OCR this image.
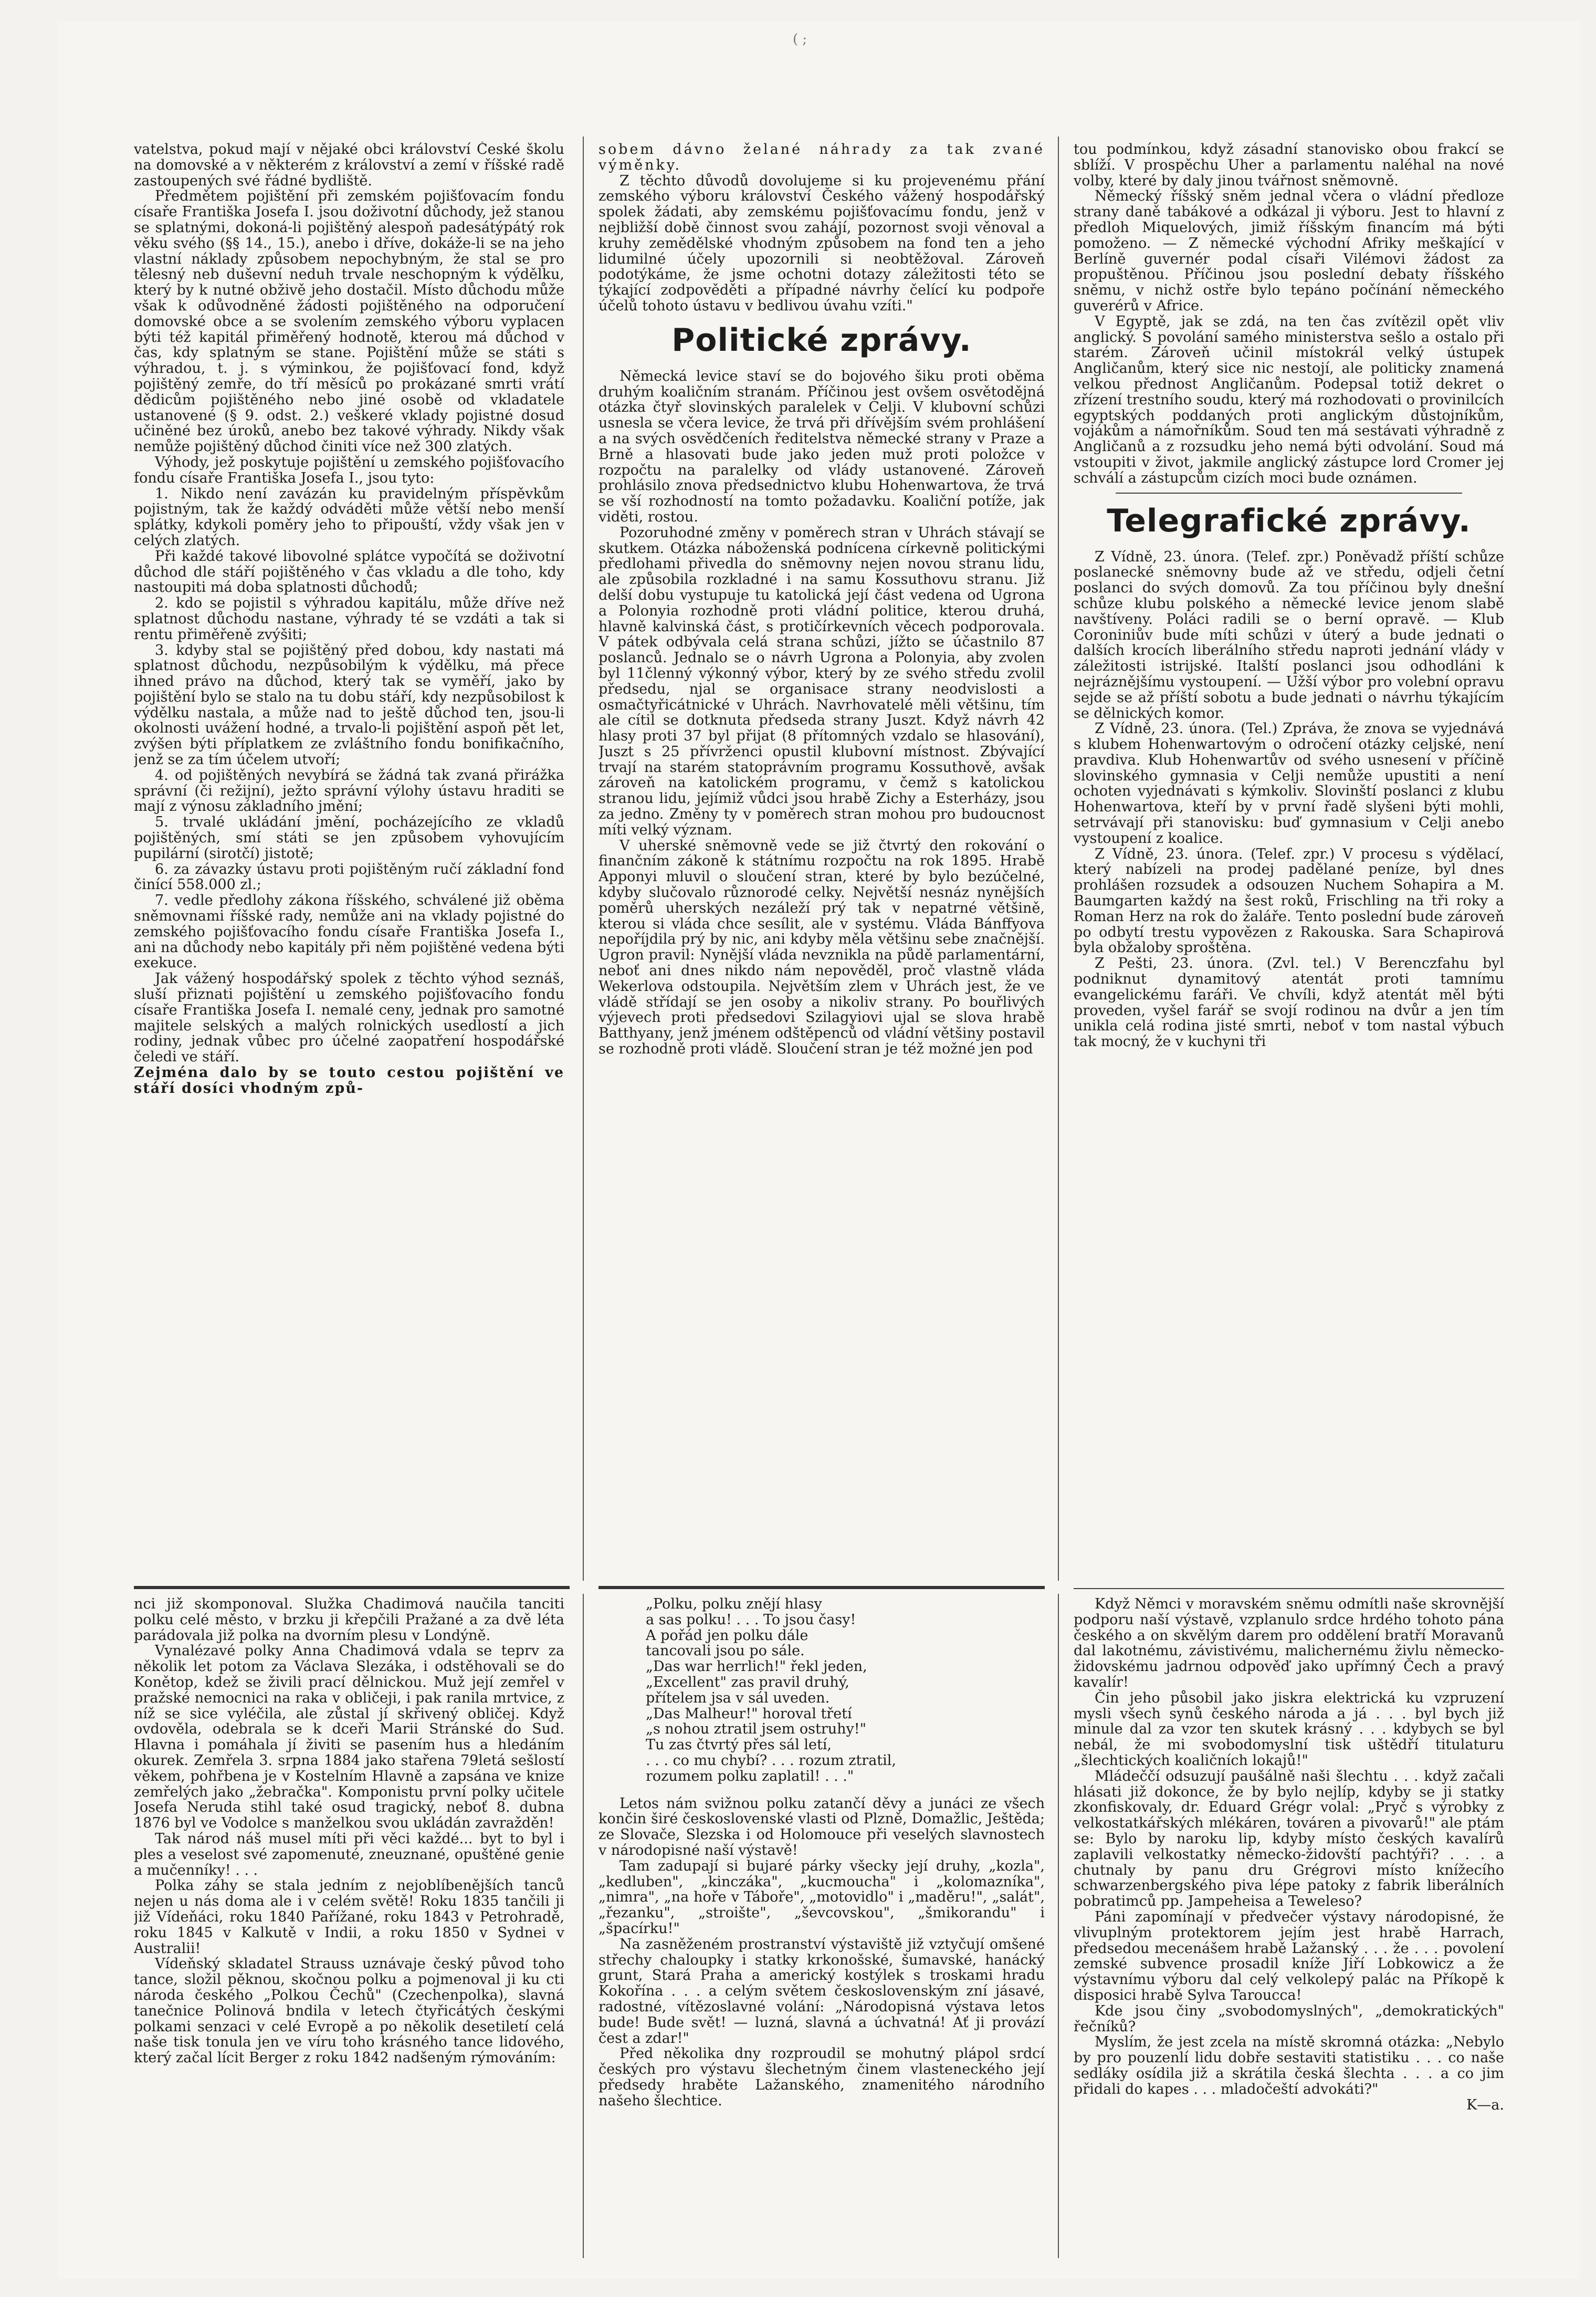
( ;

vatelstva, pokud mají v nějaké obci království České školu na domovské a v některém z království a zemí v říšské radě zastoupených své řádné bydliště.

Předmětem pojištění při zemském pojišťovacím fondu císaře Františka Josefa I. jsou doživotní důchody, jež stanou se splatnými, dokoná-li pojištěný alespoň padesátýpátý rok věku svého (§§ 14., 15.), anebo i dříve, dokáže-li se na jeho vlastní náklady způsobem nepochybným, že stal se pro tělesný neb duševní neduh trvale neschopným k výdělku, který by k nutné obživě jeho dostačil. Místo důchodu může však k odůvodněné žádosti pojištěného na odporučení domovské obce a se svolením zemského výboru vyplacen býti též kapitál přiměřený hodnotě, kterou má důchod v čas, kdy splatným se stane. Pojištění může se státi s výhradou, t. j. s výminkou, že pojišťovací fond, když pojištěný zemře, do tří měsíců po prokázané smrti vrátí dědicům pojištěného nebo jiné osobě od vkladatele ustanovené (§ 9. odst. 2.) veškeré vklady pojistné dosud učiněné bez úroků, anebo bez takové výhrady. Nikdy však nemůže pojištěný důchod činiti více než 300 zlatých.

Výhody, jež poskytuje pojištění u zemského pojišťovacího fondu císaře Františka Josefa I., jsou tyto:

1. Nikdo není zavázán ku pravidelným příspěvkům pojistným, tak že každý odváděti může větší nebo menší splátky, kdykoli poměry jeho to připouští, vždy však jen v celých zlatých.

Při každé takové libovolné splátce vypočítá se doživotní důchod dle stáří pojištěného v čas vkladu a dle toho, kdy nastoupiti má doba splatnosti důchodů;

2. kdo se pojistil s výhradou kapitálu, může dříve než splatnost důchodu nastane, výhrady té se vzdáti a tak si rentu přiměřeně zvýšiti;

3. kdyby stal se pojištěný před dobou, kdy nastati má splatnost důchodu, nezpůsobilým k výdělku, má přece ihned právo na důchod, který tak se vyměří, jako by pojištění bylo se stalo na tu dobu stáří, kdy nezpůsobilost k výdělku nastala, a může nad to ještě důchod ten, jsou-li okolnosti uvážení hodné, a trvalo-li pojištění aspoň pět let, zvýšen býti příplatkem ze zvláštního fondu bonifikačního, jenž se za tím účelem utvoří;

4. od pojištěných nevybírá se žádná tak zvaná přirážka správní (či režijní), ježto správní výlohy ústavu hraditi se mají z výnosu základního jmění;

5. trvalé ukládání jmění, pocházejícího ze vkladů pojištěných, smí státi se jen způsobem vyhovujícím pupilární (sirotčí) jistotě;

6. za závazky ústavu proti pojištěným ručí základní fond činící 558.000 zl.;

7. vedle předlohy zákona říšského, schválené již oběma sněmovnami říšské rady, nemůže ani na vklady pojistné do zemského pojišťovacího fondu císaře Františka Josefa I., ani na důchody nebo kapitály při něm pojištěné vedena býti exekuce.

Jak vážený hospodářský spolek z těchto výhod seznáš, sluší přiznati pojištění u zemského pojišťovacího fondu císaře Františka Josefa I. nemalé ceny, jednak pro samotné majitele selských a malých rolnických usedlostí a jich rodiny, jednak vůbec pro účelné zaopatření hospodářské čeledi ve stáří.

Zejména dalo by se touto cestou pojištění ve stáří dosíci vhodným způ-

sobem dávno želané náhrady za tak zvané výměnky.

Z těchto důvodů dovolujeme si ku projevenému přání zemského výboru království Českého vážený hospodářský spolek žádati, aby zemskému pojišťovacímu fondu, jenž v nejbližší době činnost svou zahájí, pozornost svoji věnoval a kruhy zemědělské vhodným způsobem na fond ten a jeho lidumilné účely upozornili si neobtěžoval. Zároveň podotýkáme, že jsme ochotni dotazy záležitosti této se týkající zodpověděti a případné návrhy čelící ku podpoře účelů tohoto ústavu v bedlivou úvahu vzíti."

Politické zprávy.

Německá levice staví se do bojového šiku proti oběma druhým koaličním stranám. Příčinou jest ovšem osvětodějná otázka čtyř slovinských paralelek v Celji. V klubovní schůzi usnesla se včera levice, že trvá při dřívějším svém prohlášení a na svých osvědčeních ředitelstva německé strany v Praze a Brně a hlasovati bude jako jeden muž proti položce v rozpočtu na paralelky od vlády ustanovené. Zároveň prohlásilo znova předsednictvo klubu Hohenwartova, že trvá se vší rozhodností na tomto požadavku. Koaliční potíže, jak viděti, rostou.

Pozoruhodné změny v poměrech stran v Uhrách stávají se skutkem. Otázka náboženská podnícena církevně politickými předlohami přivedla do sněmovny nejen novou stranu lidu, ale způsobila rozkladné i na samu Kossuthovu stranu. Již delší dobu vystupuje tu katolická její část vedena od Ugrona a Polonyia rozhodně proti vládní politice, kterou druhá, hlavně kalvinská část, s protičírkevních věcech podporovala. V pátek odbývala celá strana schůzi, jížto se účastnilo 87 poslanců. Jednalo se o návrh Ugrona a Polonyia, aby zvolen byl 11členný výkonný výbor, který by ze svého středu zvolil předsedu, njal se organisace strany neodvislosti a osmačtyřicátnické v Uhrách. Navrhovatelé měli většinu, tím ale cítil se dotknuta předseda strany Juszt. Když návrh 42 hlasy proti 37 byl přijat (8 přítomných vzdalo se hlasování), Juszt s 25 přívrženci opustil klubovní místnost. Zbývající trvají na starém statoprávním programu Kossuthově, avšak zároveň na katolickém programu, v čemž s katolickou stranou lidu, jejímiž vůdci jsou hrabě Zichy a Esterházy, jsou za jedno. Změny ty v poměrech stran mohou pro budoucnost míti velký význam.

V uherské sněmovně vede se již čtvrtý den rokování o finančním zákoně k státnímu rozpočtu na rok 1895. Hrabě Apponyi mluvil o sloučení stran, které by bylo bezúčelné, kdyby slučovalo různorodé celky. Největší nesnáz nynějších poměrů uherských nezáleží prý tak v nepatrné většině, kterou si vláda chce sesílit, ale v systému. Vláda Bánffyova nepoříjdila prý by nic, ani kdyby měla většinu sebe značnější. Ugron pravil: Nynější vláda nevznikla na půdě parlamentární, neboť ani dnes nikdo nám nepověděl, proč vlastně vláda Wekerlova odstoupila. Největším zlem v Uhrách jest, že ve vládě střídají se jen osoby a nikoliv strany. Po bouřlivých výjevech proti předsedovi Szilagyiovi ujal se slova hrabě Batthyany, jenž jménem odštěpenců od vládní většiny postavil se rozhodně proti vládě. Sloučení stran je též možné jen pod

tou podmínkou, když zásadní stanovisko obou frakcí se sblíží. V prospěchu Uher a parlamentu naléhal na nové volby, které by daly jinou tvářnost sněmovně.

Německý říšský sněm jednal včera o vládní předloze strany daně tabákové a odkázal ji výboru. Jest to hlavní z předloh Miquelových, jimiž říšským financím má býti pomoženo. — Z německé východní Afriky meškající v Berlíně guvernér podal císaři Vilémovi žádost za propuštěnou. Příčinou jsou poslední debaty říšského sněmu, v nichž ostře bylo tepáno počínání německého guverérů v Africe.

V Egyptě, jak se zdá, na ten čas zvítězil opět vliv anglický. S povolání samého ministerstva sešlo a ostalo při starém. Zároveň učinil místokrál velký ústupek Angličanům, který sice nic nestojí, ale politicky znamená velkou přednost Angličanům. Podepsal totiž dekret o zřízení trestního soudu, který má rozhodovati o provinilcích egyptských poddaných proti anglickým důstojníkům, vojákům a námořníkům. Soud ten má sestávati výhradně z Angličanů a z rozsudku jeho nemá býti odvolání. Soud má vstoupiti v život, jakmile anglický zástupce lord Cromer jej schválí a zástupcům cizích moci bude oznámen.

Telegrafické zprávy.

Z Vídně, 23. února. (Telef. zpr.) Poněvadž příští schůze poslanecké sněmovny bude až ve středu, odjeli četní poslanci do svých domovů. Za tou příčinou byly dnešní schůze klubu polského a německé levice jenom slabě navštíveny. Poláci radili se o berní opravě. — Klub Coroniniův bude míti schůzi v úterý a bude jednati o dalších krocích liberálního středu naproti jednání vlády v záležitosti istrijské. Italští poslanci jsou odhodláni k nejráznějšímu vystoupení. — Užší výbor pro volební opravu sejde se až příští sobotu a bude jednati o návrhu týkajícím se dělnických komor.

Z Vídně, 23. února. (Tel.) Zpráva, že znova se vyjednává s klubem Hohenwartovým o odročení otázky celjské, není pravdiva. Klub Hohenwartův od svého usnesení v příčině slovinského gymnasia v Celji nemůže upustiti a není ochoten vyjednávati s kýmkoliv. Slovinští poslanci z klubu Hohenwartova, kteří by v první řadě slyšeni býti mohli, setrvávají při stanovisku: buď gymnasium v Celji anebo vystoupení z koalice.

Z Vídně, 23. února. (Telef. zpr.) V procesu s výdělací, který nabízeli na prodej padělané peníze, byl dnes prohlášen rozsudek a odsouzen Nuchem Sohapira a M. Baumgarten každý na šest roků, Frischling na tři roky a Roman Herz na rok do žaláře. Tento poslední bude zároveň po odbytí trestu vypovězen z Rakouska. Sara Schapirová byla obžaloby sproštěna.

Z Pešti, 23. února. (Zvl. tel.) V Berenczfahu byl podniknut dynamitový atentát proti tamnímu evangelickému faráři. Ve chvíli, když atentát měl býti proveden, vyšel farář se svojí rodinou na dvůr a jen tím unikla celá rodina jisté smrti, neboť v tom nastal výbuch tak mocný, že v kuchyni tři

nci již skomponoval. Služka Chadimová naučila tanciti polku celé město, v brzku ji křepčili Pražané a za dvě léta parádovala již polka na dvorním plesu v Londýně.

Vynalézavé polky Anna Chadimová vdala se teprv za několik let potom za Václava Slezáka, i odstěhovali se do Konětop, kdež se živili prací dělnickou. Muž její zemřel v pražské nemocnici na raka v obličeji, i pak ranila mrtvice, z níž se sice vyléčila, ale zůstal jí skřivený obličej. Když ovdověla, odebrala se k dceři Marii Stránské do Sud. Hlavna i pomáhala jí živiti se pasením hus a hledáním okurek. Zemřela 3. srpna 1884 jako stařena 79letá sešlostí věkem, pohřbena je v Kostelním Hlavně a zapsána ve knize zemřelých jako „žebračka". Komponistu první polky učitele Josefa Neruda stihl také osud tragický, neboť 8. dubna 1876 byl ve Vodolce s manželkou svou ukládán zavražděn!

Tak národ náš musel míti při věci každé... byt to byl i ples a veselost své zapomenuté, zneuznané, opuštěné genie a mučenníky! . . .

Polka záhy se stala jedním z nejoblíbenějších tanců nejen u nás doma ale i v celém světě! Roku 1835 tančili ji již Vídeňáci, roku 1840 Pařížané, roku 1843 v Petrohradě, roku 1845 v Kalkutě v Indii, a roku 1850 v Sydnei v Australii!

Vídeňský skladatel Strauss uznávaje český původ toho tance, složil pěknou, skočnou polku a pojmenoval ji ku cti národa českého „Polkou Čechů" (Czechenpolka), slavná tanečnice Polinová bndila v letech čtyřicátých českými polkami senzaci v celé Evropě a po několik desetiletí celá naše tisk tonula jen ve víru toho krásného tance lidového, který začal lícit Berger z roku 1842 nadšeným rýmováním:

„Polku, polku znějí hlasy
a sas polku! . . . To jsou časy!
A pořád jen polku dále
tancovali jsou po sále.
„Das war herrlich!" řekl jeden,
„Excellent" zas pravil druhý,
přítelem jsa v sál uveden.
„Das Malheur!" horoval třetí
„s nohou ztratil jsem ostruhy!"
Tu zas čtvrtý přes sál letí,
. . . co mu chybí? . . . rozum ztratil,
rozumem polku zaplatil! . . ."

Letos nám svižnou polku zatančí děvy a junáci ze všech končin širé československé vlasti od Plzně, Domažlic, Ještěda; ze Slovače, Slezska i od Holomouce při veselých slavnostech v národopisné naší výstavě!

Tam zadupají si bujaré párky všecky její druhy, „kozla", „kedluben", „kinczáka", „kucmoucha" i „kolomazníka", „nimra", „na hoře v Táboře", „motovidlo" i „maděru!", „salát", „řezanku", „stroište", „ševcovskou", „šmikorandu" i „špacírku!"

Na zasněženém prostranství výstaviště již vztyčují omšené střechy chaloupky i statky krkonošské, šumavské, hanácký grunt, Stará Praha a americký kostýlek s troskami hradu Kokořína . . . a celým světem československým zní jásavé, radostné, vítězoslavné volání: „Národopisná výstava letos bude! Bude svět! — luzná, slavná a úchvatná! Ať ji provází čest a zdar!"

Před několika dny rozproudil se mohutný plápol srdcí českých pro výstavu šlechetným činem vlasteneckého její předsedy hraběte Lažanského, znamenitého národního našeho šlechtice.

Když Němci v moravském sněmu odmítli naše skrovnější podporu naší výstavě, vzplanulo srdce hrdého tohoto pána českého a on skvělým darem pro oddělení bratří Moravanů dal lakotnému, závistivému, malichernému živlu německo-židovskému jadrnou odpověď jako upřímný Čech a pravý kavalír!

Čin jeho působil jako jiskra elektrická ku vzpruzení mysli všech synů českého národa a já . . . byl bych již minule dal za vzor ten skutek krásný . . . kdybych se byl nebál, že mi svobodomyslní tisk uštědří titulaturu „šlechtických koaličních lokajů!"

Mládeččí odsuzují paušálně naši šlechtu . . . když začali hlásati již dokonce, že by bylo nejlíp, kdyby se ji statky zkonfiskovaly, dr. Eduard Grégr volal: „Pryč s výrobky z velkostatkářských mlékáren, továren a pivovarů!" ale ptám se: Bylo by naroku lip, kdyby místo českých kavalírů zaplavili velkostatky německo-židovští pachtýři? . . . a chutnaly by panu dru Grégrovi místo knížecího schwarzenbergského piva lépe patoky z fabrik liberálních pobratimců pp. Jampeheisa a Teweleso?

Páni zapomínají v předvečer výstavy národopisné, že vlivuplným protektorem jejím jest hrabě Harrach, předsedou mecenášem hrabě Lažanský . . . že . . . povolení zemské subvence prosadil kníže Jiří Lobkowicz a že výstavnímu výboru dal celý velkolepý palác na Příkopě k disposici hrabě Sylva Taroucca!

Kde jsou činy „svobodomyslných", „demokratických" řečníků?

Myslím, že jest zcela na místě skromná otázka: „Nebylo by pro pouzenlí lidu dobře sestaviti statistiku . . . co naše sedláky osídila již a skrátila česká šlechta . . . a co jim přidali do kapes . . . mladočeští advokáti?"

K—a.
